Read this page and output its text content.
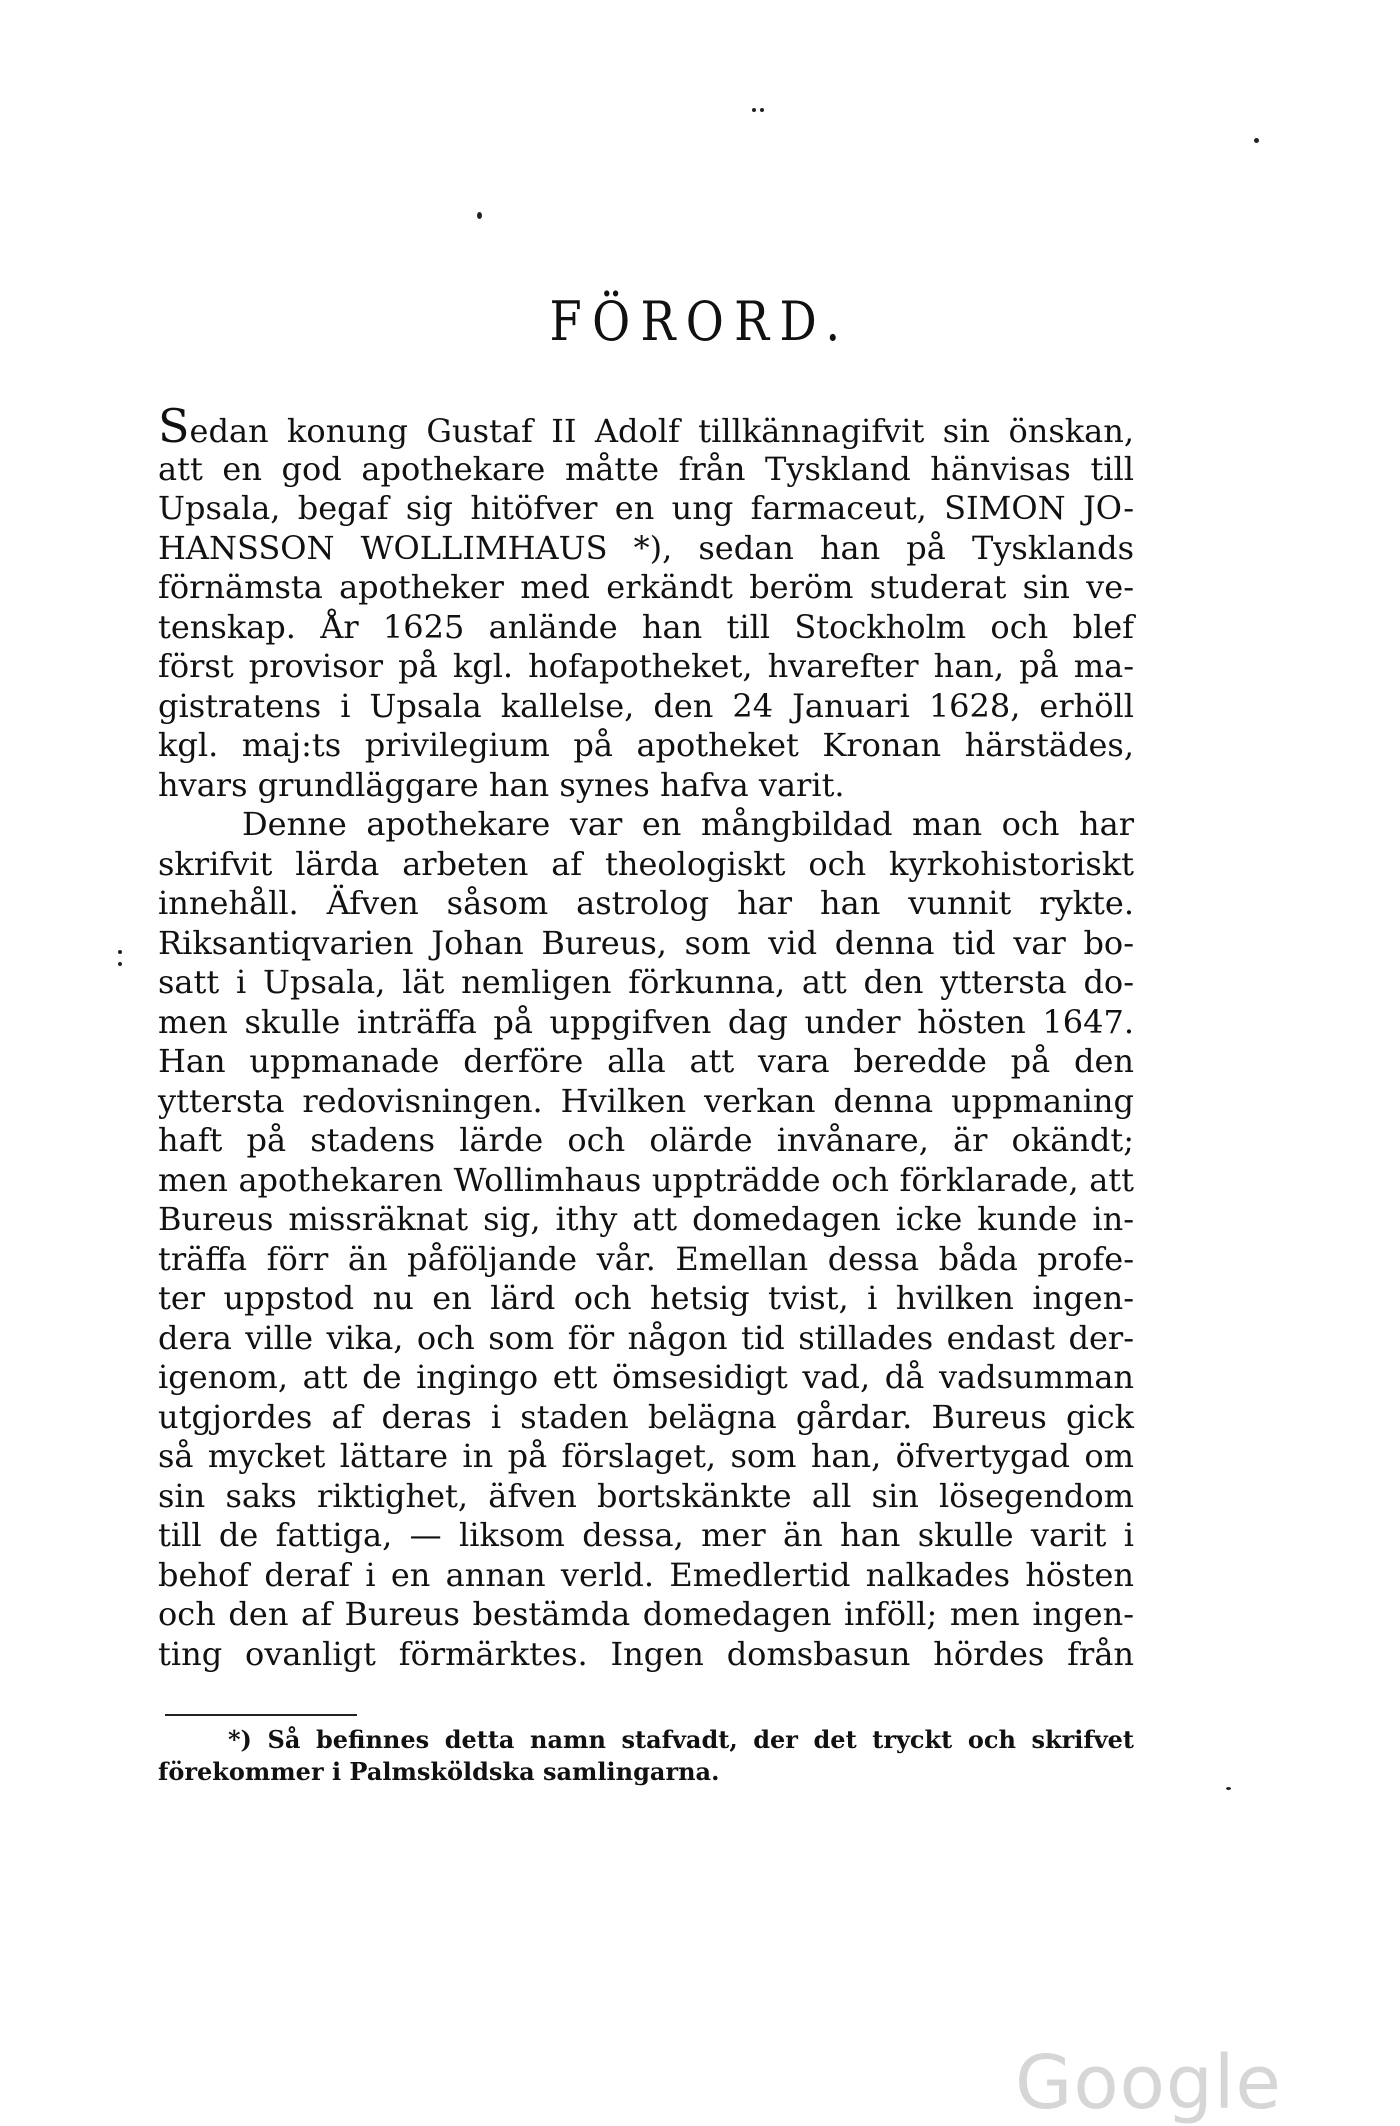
FÖRORD.
Sedan konung Gustaf II Adolf tillkännagifvit sin önskan,
att en god apothekare måtte från Tyskland hänvisas till
Upsala, begaf sig hitöfver en ung farmaceut, SIMON JO-
HANSSON WOLLIMHAUS *), sedan han på Tysklands
förnämsta apotheker med erkändt beröm studerat sin ve-
tenskap. År 1625 anlände han till Stockholm och blef
först provisor på kgl. hofapotheket, hvarefter han, på ma-
gistratens i Upsala kallelse, den 24 Januari 1628, erhöll
kgl. maj:ts privilegium på apotheket Kronan härstädes,
hvars grundläggare han synes hafva varit.
Denne apothekare var en mångbildad man och har
skrifvit lärda arbeten af theologiskt och kyrkohistoriskt
innehåll. Äfven såsom astrolog har han vunnit rykte.
Riksantiqvarien Johan Bureus, som vid denna tid var bo-
satt i Upsala, lät nemligen förkunna, att den yttersta do-
men skulle inträffa på uppgifven dag under hösten 1647.
Han uppmanade derföre alla att vara beredde på den
yttersta redovisningen. Hvilken verkan denna uppmaning
haft på stadens lärde och olärde invånare, är okändt;
men apothekaren Wollimhaus uppträdde och förklarade, att
Bureus missräknat sig, ithy att domedagen icke kunde in-
träffa förr än påföljande vår. Emellan dessa båda profe-
ter uppstod nu en lärd och hetsig tvist, i hvilken ingen-
dera ville vika, och som för någon tid stillades endast der-
igenom, att de ingingo ett ömsesidigt vad, då vadsumman
utgjordes af deras i staden belägna gårdar. Bureus gick
så mycket lättare in på förslaget, som han, öfvertygad om
sin saks riktighet, äfven bortskänkte all sin lösegendom
till de fattiga, — liksom dessa, mer än han skulle varit i
behof deraf i en annan verld. Emedlertid nalkades hösten
och den af Bureus bestämda domedagen inföll; men ingen-
ting ovanligt förmärktes. Ingen domsbasun hördes från
*) Så befinnes detta namn stafvadt, der det tryckt och skrifvet
förekommer i Palmsköldska samlingarna.
Google
